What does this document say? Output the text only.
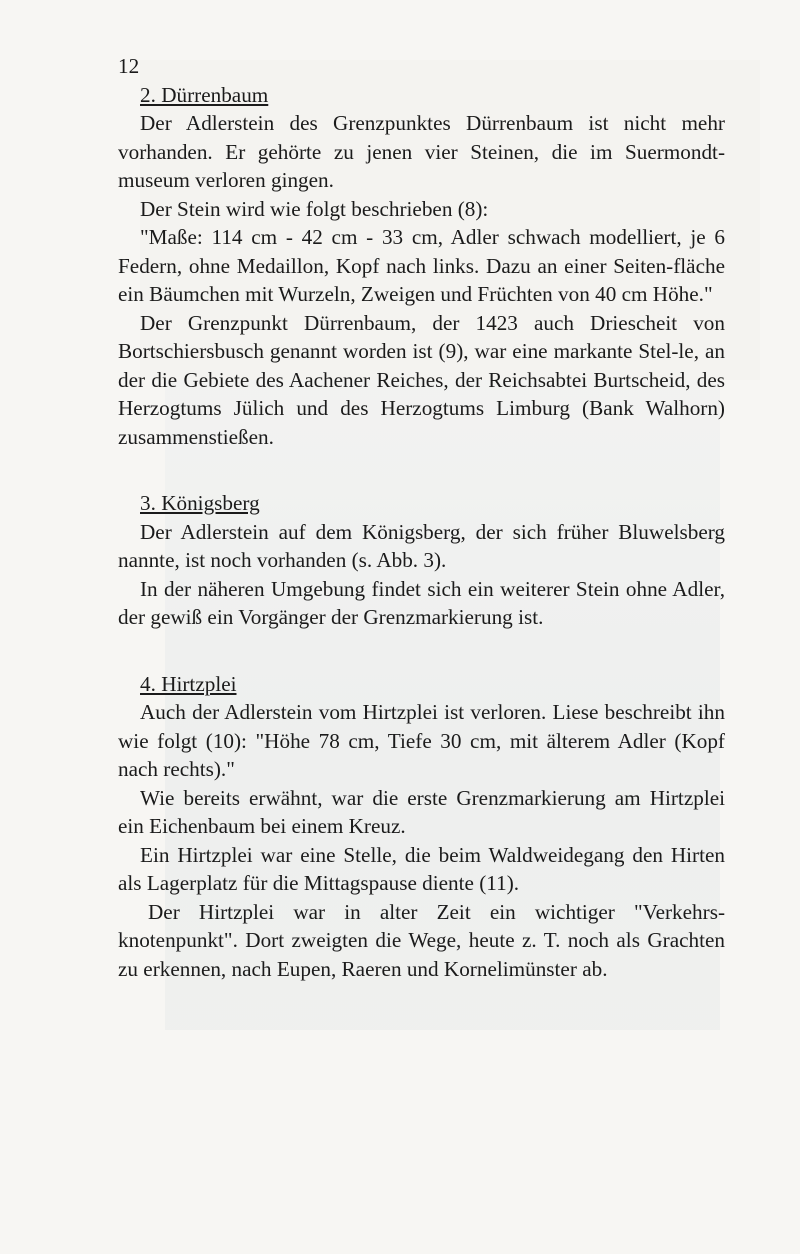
12
2. Dürrenbaum

Der Adlerstein des Grenzpunktes Dürrenbaum ist nicht mehr vorhanden. Er gehörte zu jenen vier Steinen, die im Suermondt-museum verloren gingen.

Der Stein wird wie folgt beschrieben (8):

"Maße: 114 cm - 42 cm - 33 cm, Adler schwach modelliert, je 6 Federn, ohne Medaillon, Kopf nach links. Dazu an einer Seiten-fläche ein Bäumchen mit Wurzeln, Zweigen und Früchten von 40 cm Höhe."

Der Grenzpunkt Dürrenbaum, der 1423 auch Driescheit von Bortschiersbusch genannt worden ist (9), war eine markante Stel-le, an der die Gebiete des Aachener Reiches, der Reichsabtei Burtscheid, des Herzogtums Jülich und des Herzogtums Limburg (Bank Walhorn) zusammenstießen.

3. Königsberg

Der Adlerstein auf dem Königsberg, der sich früher Bluwelsberg nannte, ist noch vorhanden (s. Abb. 3).

In der näheren Umgebung findet sich ein weiterer Stein ohne Adler, der gewiß ein Vorgänger der Grenzmarkierung ist.

4. Hirtzplei

Auch der Adlerstein vom Hirtzplei ist verloren. Liese beschreibt ihn wie folgt (10): "Höhe 78 cm, Tiefe 30 cm, mit älterem Adler (Kopf nach rechts)."

Wie bereits erwähnt, war die erste Grenzmarkierung am Hirtzplei ein Eichenbaum bei einem Kreuz.

Ein Hirtzplei war eine Stelle, die beim Waldweidegang den Hirten als Lagerplatz für die Mittagspause diente (11).

Der Hirtzplei war in alter Zeit ein wichtiger "Verkehrs-knotenpunkt". Dort zweigten die Wege, heute z. T. noch als Grachten zu erkennen, nach Eupen, Raeren und Kornelimünster ab.
